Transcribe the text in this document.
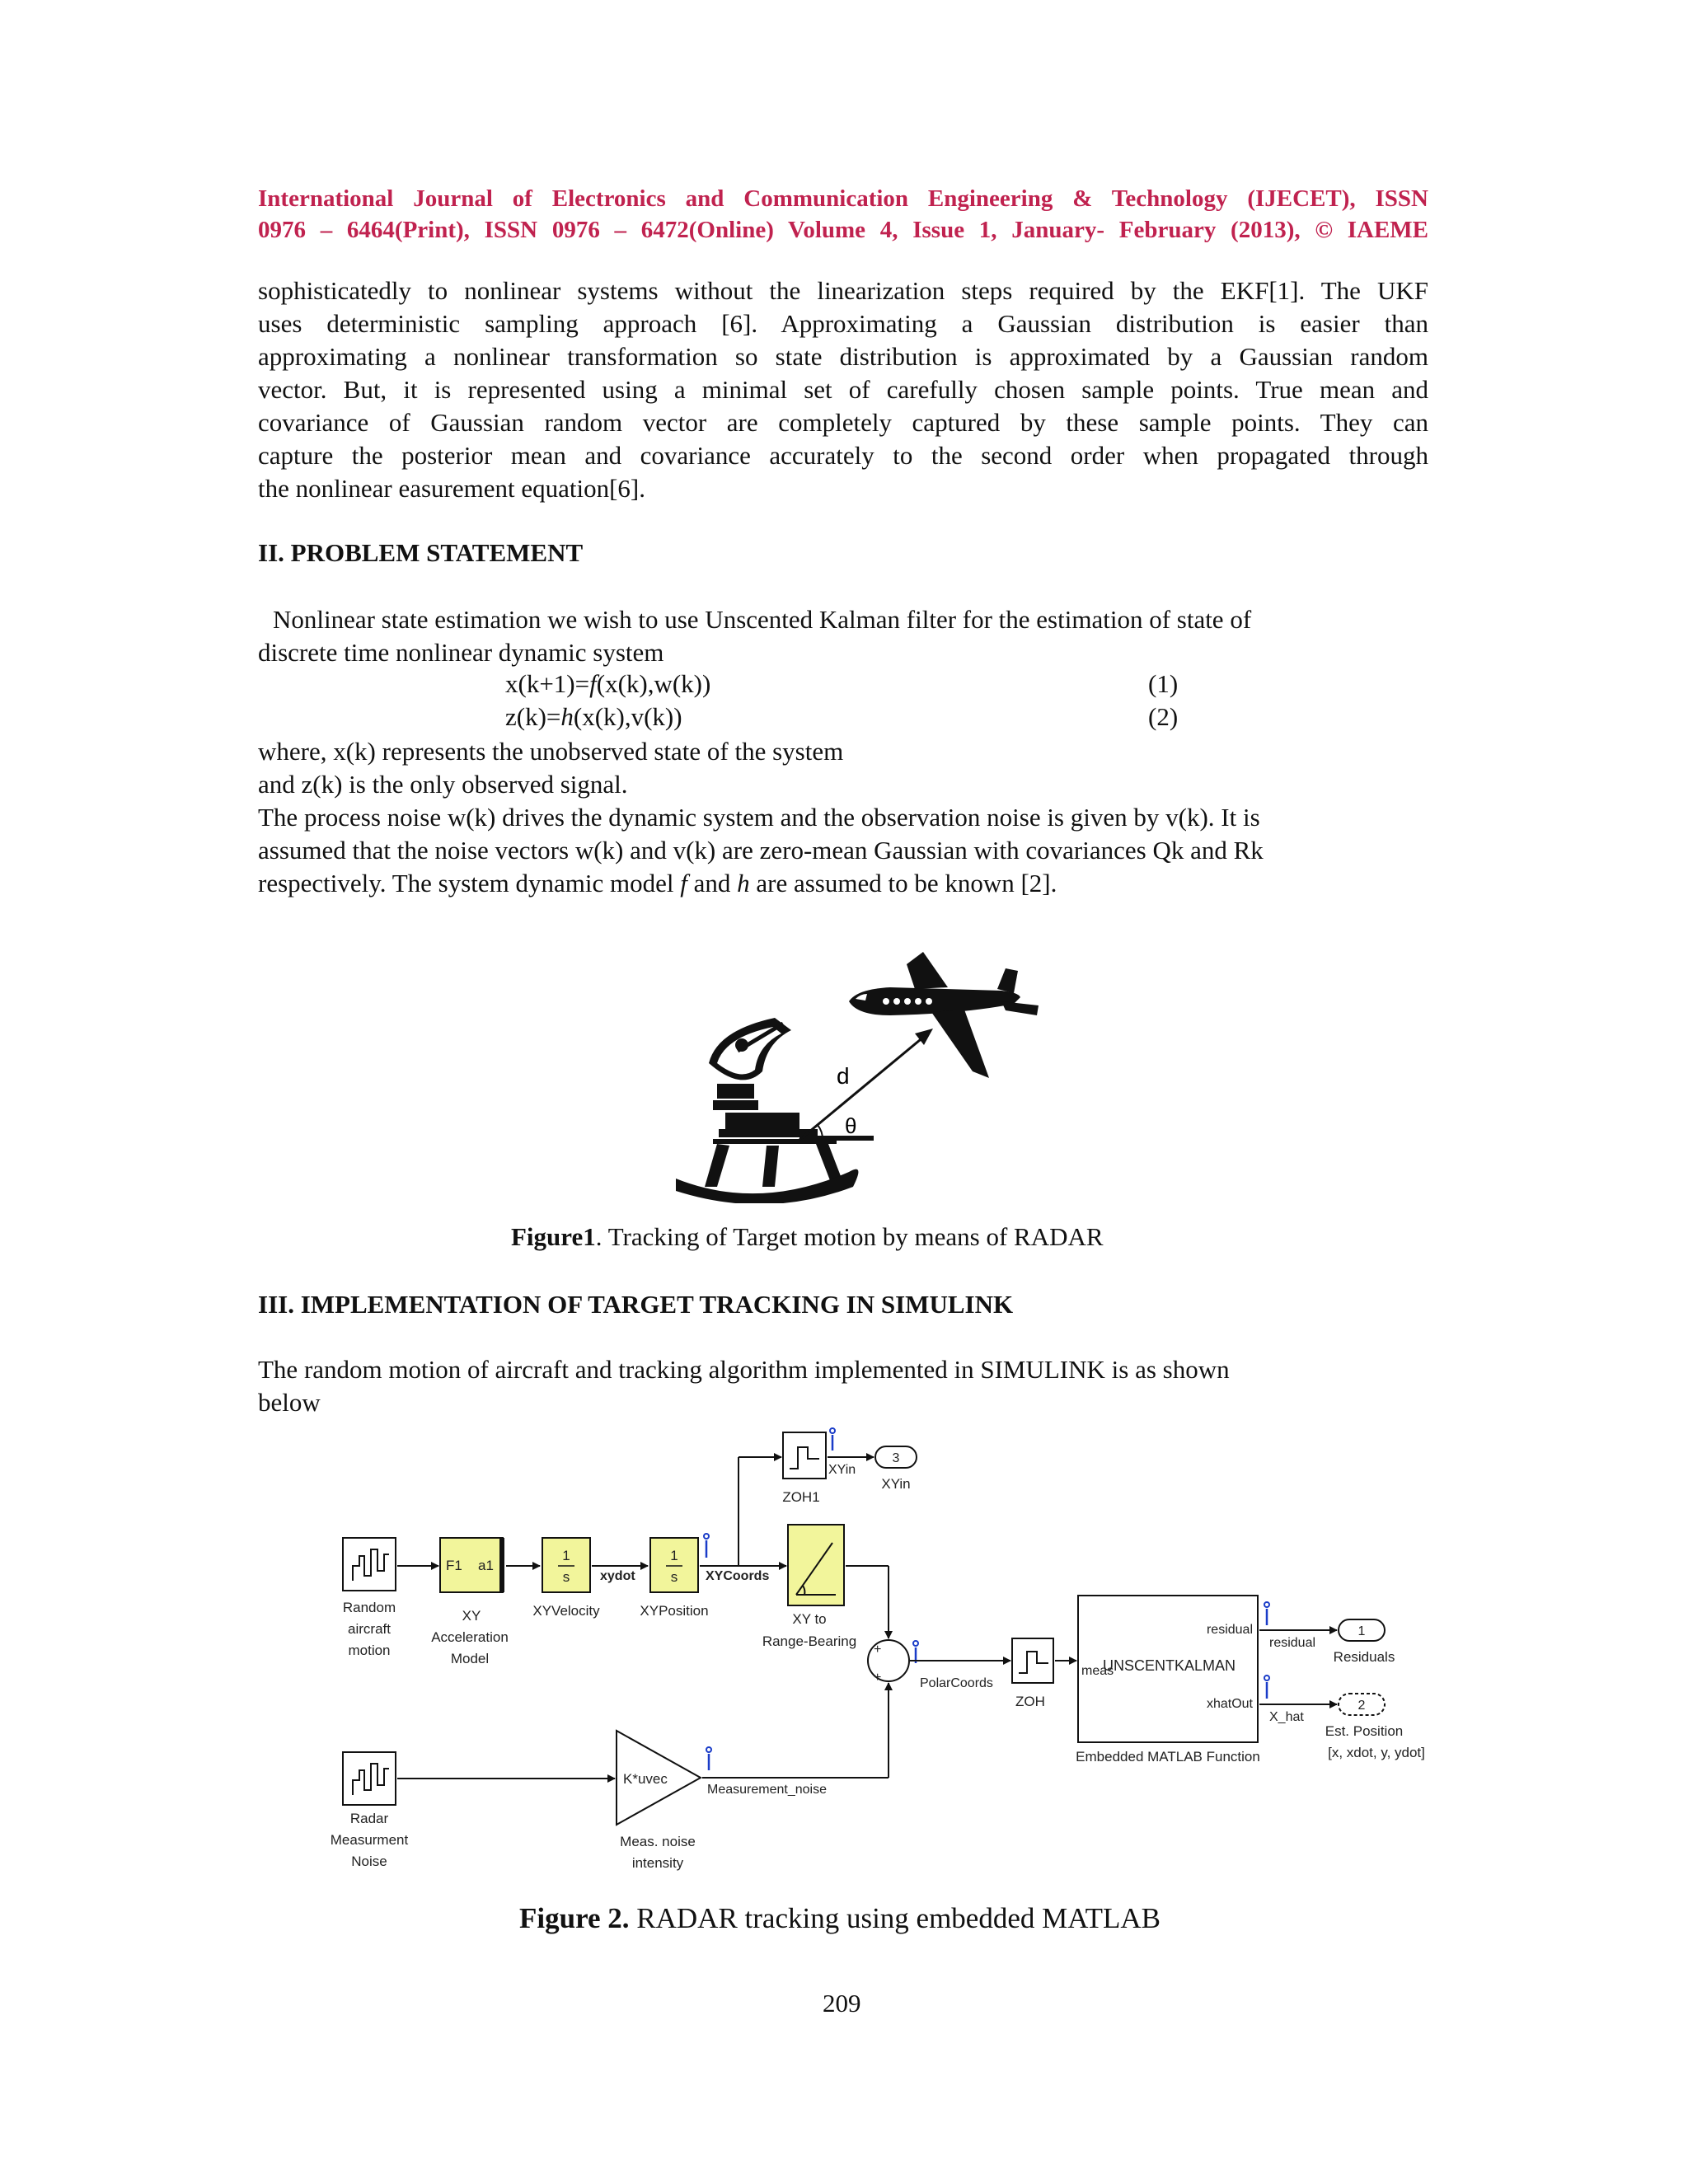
International Journal of Electronics and Communication Engineering & Technology (IJECET), ISSN
0976 – 6464(Print), ISSN 0976 – 6472(Online) Volume 4, Issue 1, January- February (2013), © IAEME
sophisticatedly to nonlinear systems without the linearization steps required by the EKF[1]. The UKF
uses deterministic sampling approach [6]. Approximating a Gaussian distribution is easier than
approximating a nonlinear transformation so state distribution is approximated by a Gaussian random
vector. But, it is represented using a minimal set of carefully chosen sample points. True mean and
covariance of Gaussian random vector are completely captured by these sample points. They can
capture the posterior mean and covariance accurately to the second order when propagated through
the nonlinear easurement equation[6].
II. PROBLEM STATEMENT
Nonlinear state estimation we wish to use Unscented Kalman filter for the estimation of state of
discrete time nonlinear dynamic system
x(k+1)=f(x(k),w(k))	(1)
z(k)=h(x(k),v(k))	(2)
where, x(k) represents the unobserved state of the system
and z(k) is the only observed signal.
The process noise w(k) drives the dynamic system and the observation noise is given by v(k). It is
assumed that the noise vectors w(k) and v(k) are zero-mean Gaussian with covariances Qk and Rk
respectively. The system dynamic model f and h are assumed to be known [2].
d
θ
Figure1. Tracking of Target motion by means of RADAR
III. IMPLEMENTATION OF TARGET TRACKING IN SIMULINK
The random motion of aircraft and tracking algorithm implemented in SIMULINK is as shown
below
Random
aircraft
motion
F1 a1
XY
Acceleration
Model
1
s
XYVelocity
xydot
1
s
XYPosition
XYCoords
ZOH1
XYin
3
XYin
XY to
Range-Bearing
+
+	PolarCoords
ZOH
meas
UNSCENTKALMAN
residual
xhatOut
Embedded MATLAB Function
residual
X_hat
1
Residuals
2
Est. Position
[x, xdot, y, ydot]
Radar
Measurment
Noise
K*uvec
Meas. noise
intensity
Measurement_noise
Figure 2. RADAR tracking using embedded MATLAB
209
